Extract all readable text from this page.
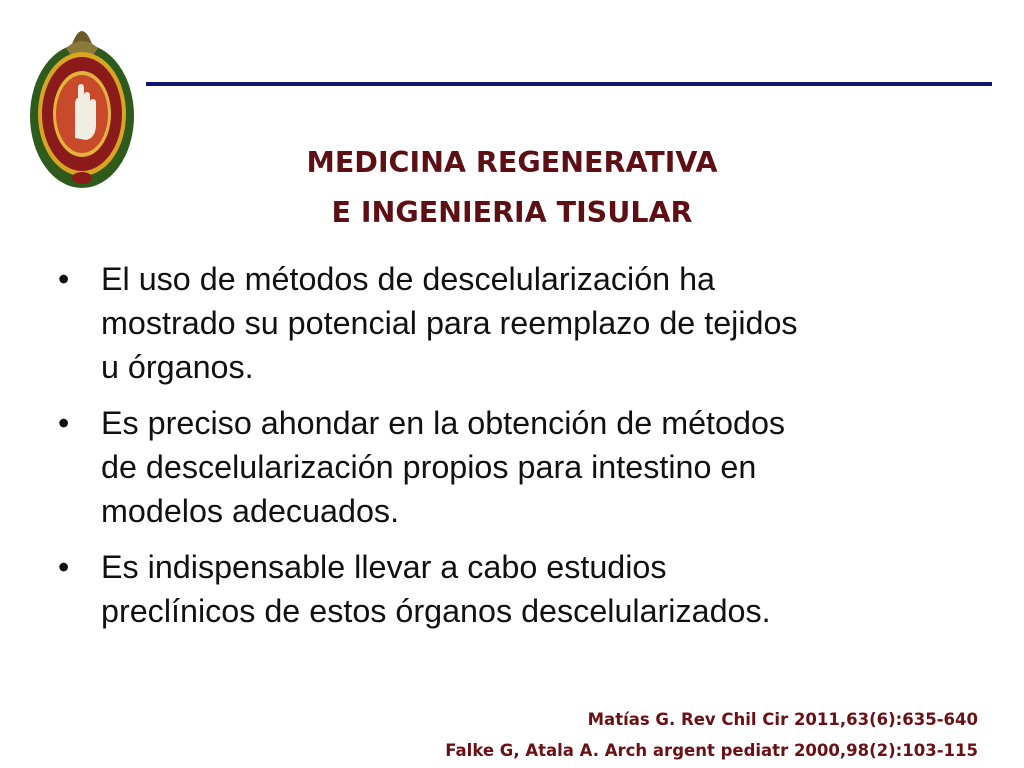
MEDICINA REGENERATIVA
E INGENIERIA TISULAR
• El uso de métodos de descelularización ha
mostrado su potencial para reemplazo de tejidos
u órganos.
• Es preciso ahondar en la obtención de métodos
de descelularización propios para intestino en
modelos adecuados.
• Es indispensable llevar a cabo estudios
preclínicos de estos órganos descelularizados.
Matías G. Rev Chil Cir 2011,63(6):635-640
Falke G, Atala A. Arch argent pediatr 2000,98(2):103-115
